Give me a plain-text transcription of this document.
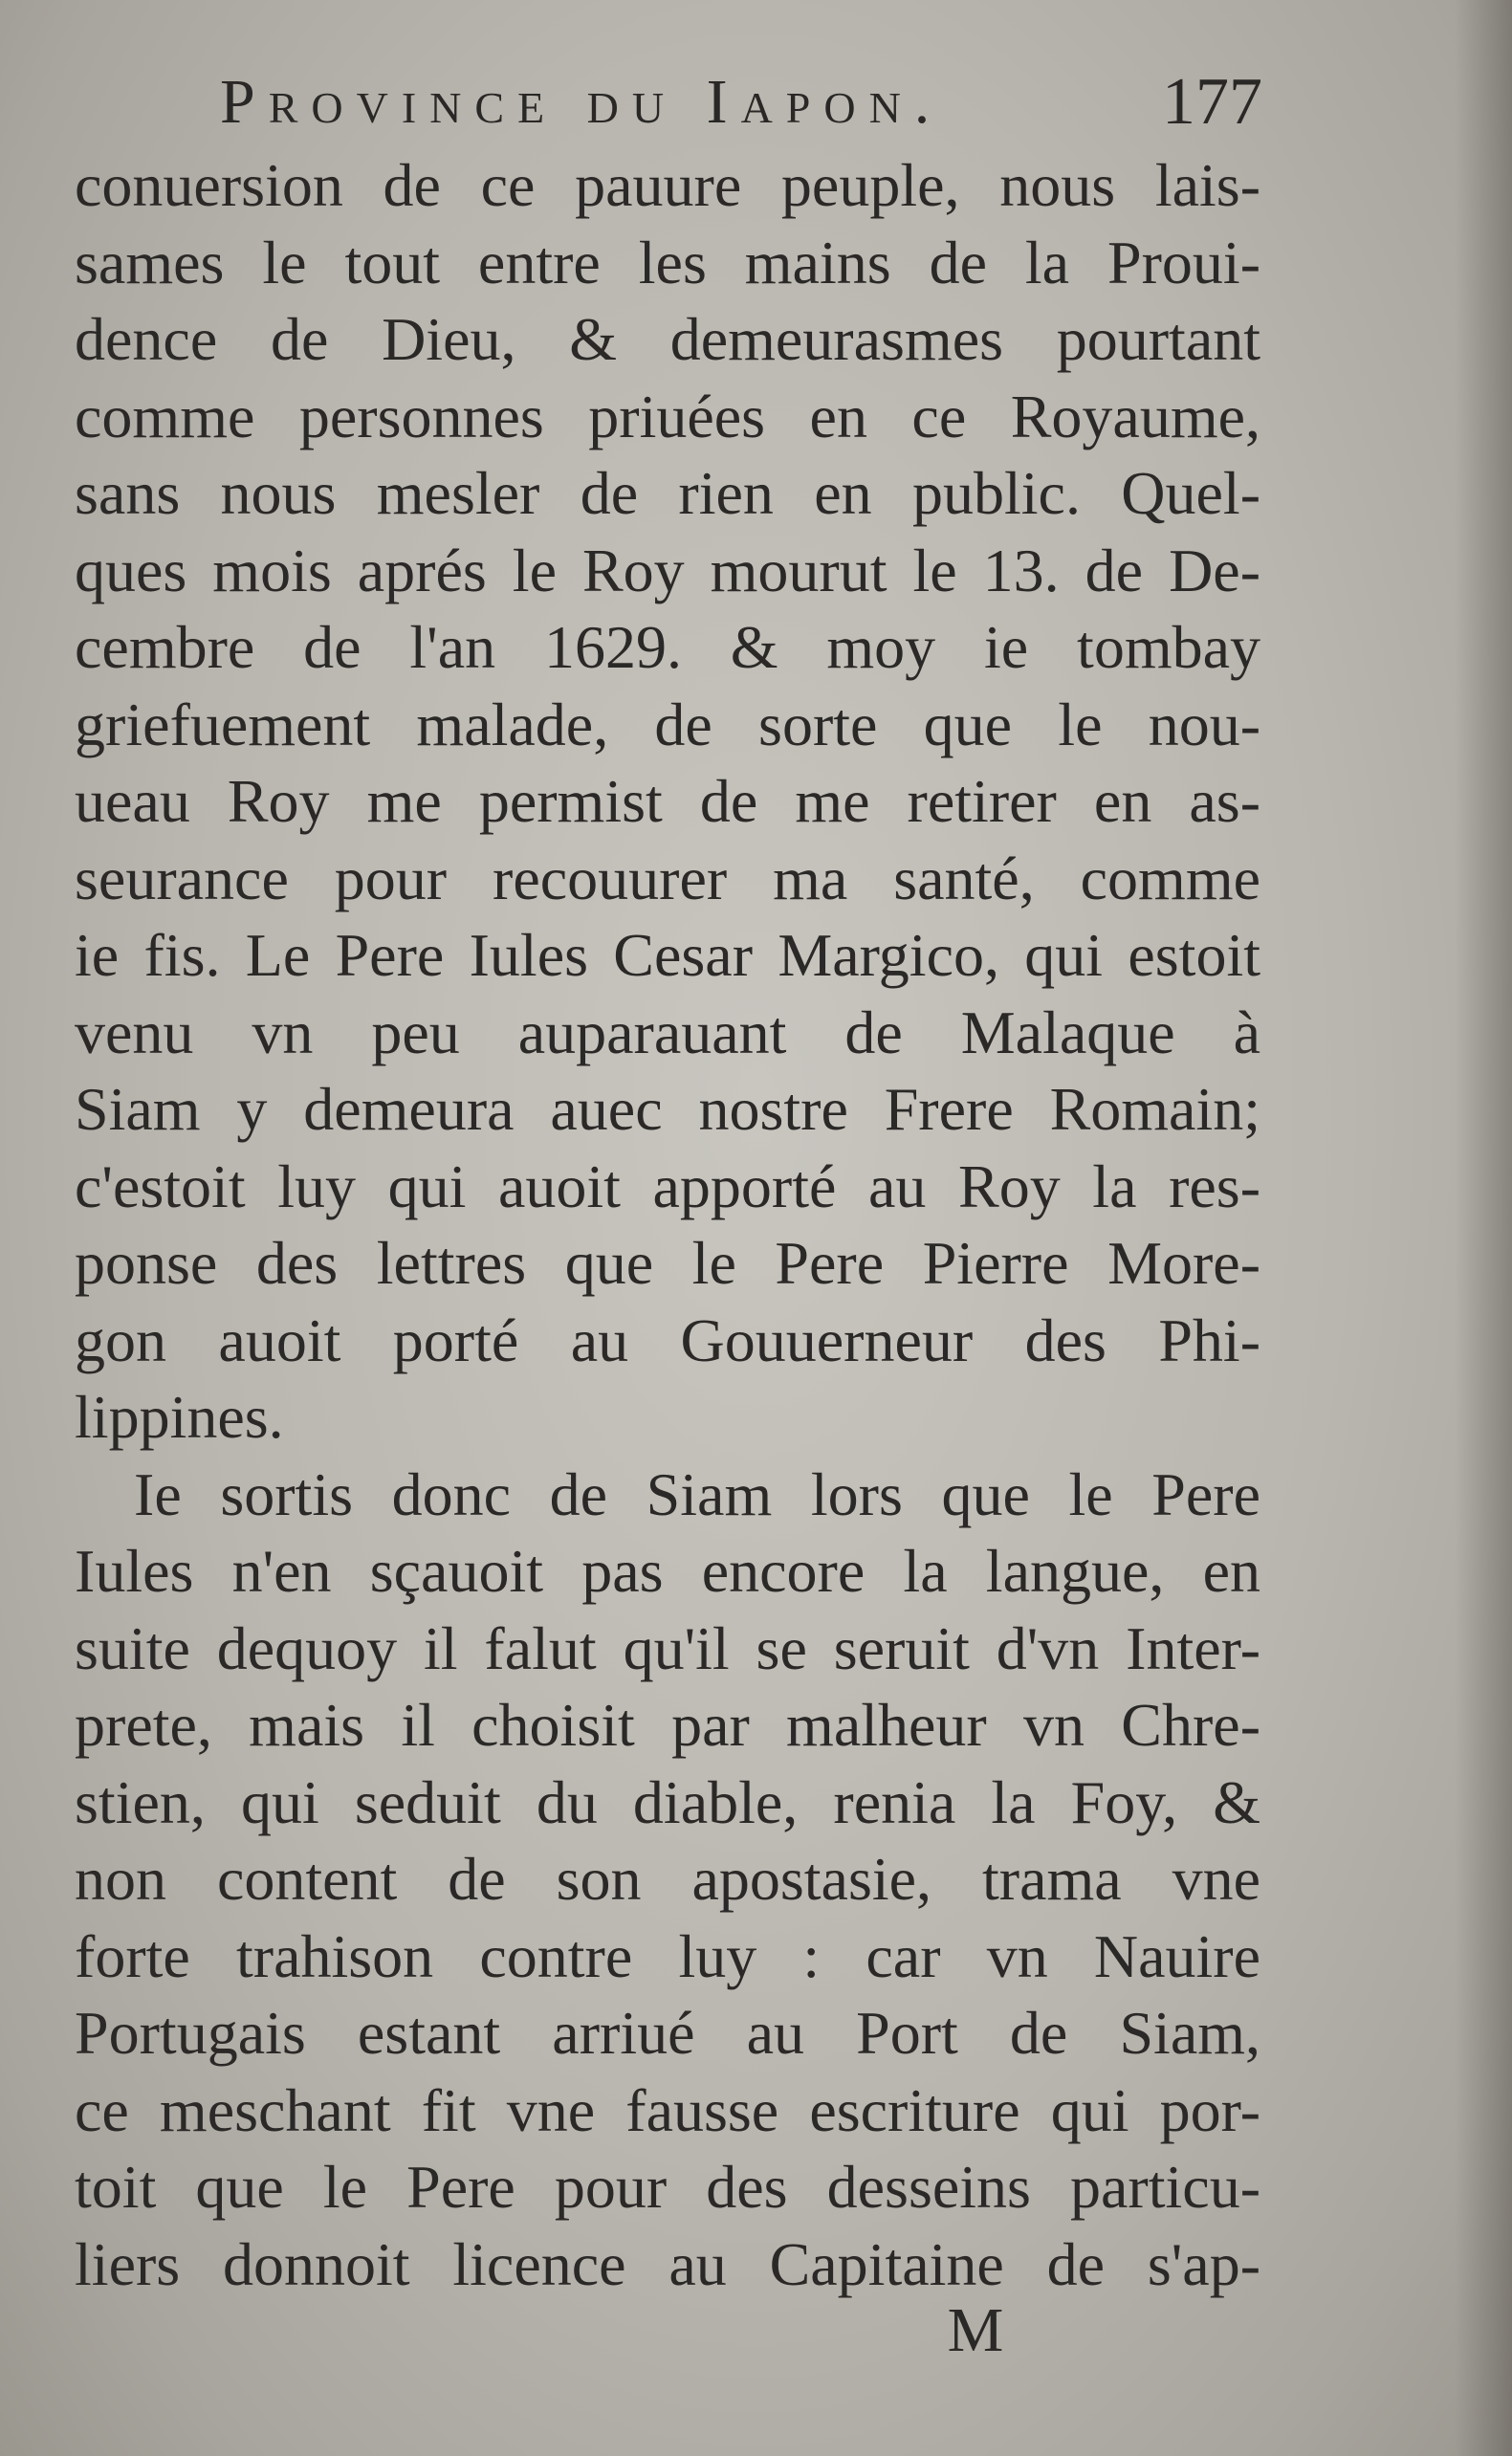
Province du Iapon.	177
conuersion de ce pauure peuple, nous lais-
sames le tout entre les mains de la Proui-
dence de Dieu, & demeurasmes pourtant
comme personnes priuées en ce Royaume,
sans nous mesler de rien en public. Quel-
ques mois aprés le Roy mourut le 13. de De-
cembre de l'an 1629. & moy ie tombay
griefuement malade, de sorte que le nou-
ueau Roy me permist de me retirer en as-
seurance pour recouurer ma santé, comme
ie fis. Le Pere Iules Cesar Margico, qui estoit
venu vn peu auparauant de Malaque à
Siam y demeura auec nostre Frere Romain;
c'estoit luy qui auoit apporté au Roy la res-
ponse des lettres que le Pere Pierre More-
gon auoit porté au Gouuerneur des Phi-
lippines.
Ie sortis donc de Siam lors que le Pere
Iules n'en sçauoit pas encore la langue, en
suite dequoy il falut qu'il se seruit d'vn Inter-
prete, mais il choisit par malheur vn Chre-
stien, qui seduit du diable, renia la Foy, &
non content de son apostasie, trama vne
forte trahison contre luy : car vn Nauire
Portugais estant arriué au Port de Siam,
ce meschant fit vne fausse escriture qui por-
toit que le Pere pour des desseins particu-
liers donnoit licence au Capitaine de s'ap-
M
